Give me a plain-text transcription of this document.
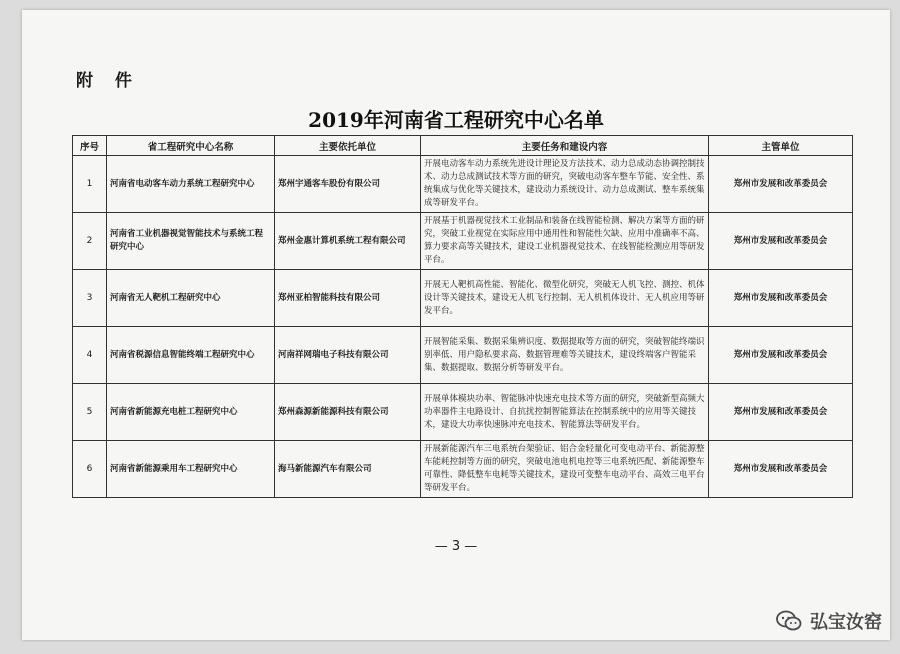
附 件
2019年河南省工程研究中心名单
序号	省工程研究中心名称	主要依托单位	主要任务和建设内容	主管单位
1	河南省电动客车动力系统工程研究中心	郑州宇通客车股份有限公司	开展电动客车动力系统先进设计理论及方法技术、动力总成动态协调控制技术、动力总成测试技术等方面的研究，突破电动客车整车节能、安全性、系统集成与优化等关键技术，建设动力系统设计、动力总成测试、整车系统集成等研发平台。	郑州市发展和改革委员会
2	河南省工业机器视觉智能技术与系统工程研究中心	郑州金惠计算机系统工程有限公司	开展基于机器视觉技术工业制品和装备在线智能检测、解决方案等方面的研究，突破工业视觉在实际应用中通用性和智能性欠缺、应用中准确率不高、算力要求高等关键技术，建设工业机器视觉技术、在线智能检测应用等研发平台。	郑州市发展和改革委员会
3	河南省无人靶机工程研究中心	郑州亚柏智能科技有限公司	开展无人靶机高性能、智能化、微型化研究，突破无人机飞控、测控、机体设计等关键技术，建设无人机飞行控制、无人机机体设计、无人机应用等研发平台。	郑州市发展和改革委员会
4	河南省税源信息智能终端工程研究中心	河南祥网瑞电子科技有限公司	开展智能采集、数据采集辨识度、数据提取等方面的研究，突破智能终端识别率低、用户隐私要求高、数据管理难等关键技术，建设终端客户智能采集、数据提取、数据分析等研发平台。	郑州市发展和改革委员会
5	河南省新能源充电桩工程研究中心	郑州森源新能源科技有限公司	开展单体模块功率、智能脉冲快速充电技术等方面的研究，突破新型高频大功率器件主电路设计、自抗扰控制智能算法在控制系统中的应用等关键技术，建设大功率快速脉冲充电技术、智能算法等研发平台。	郑州市发展和改革委员会
6	河南省新能源乘用车工程研究中心	海马新能源汽车有限公司	开展新能源汽车三电系统台架验证、铝合金轻量化可变电动平台、新能源整车能耗控制等方面的研究，突破电池电机电控等三电系统匹配、新能源整车可靠性、降低整车电耗等关键技术，建设可变整车电动平台、高效三电平台等研发平台。	郑州市发展和改革委员会
— 3 —
弘宝汝窑
